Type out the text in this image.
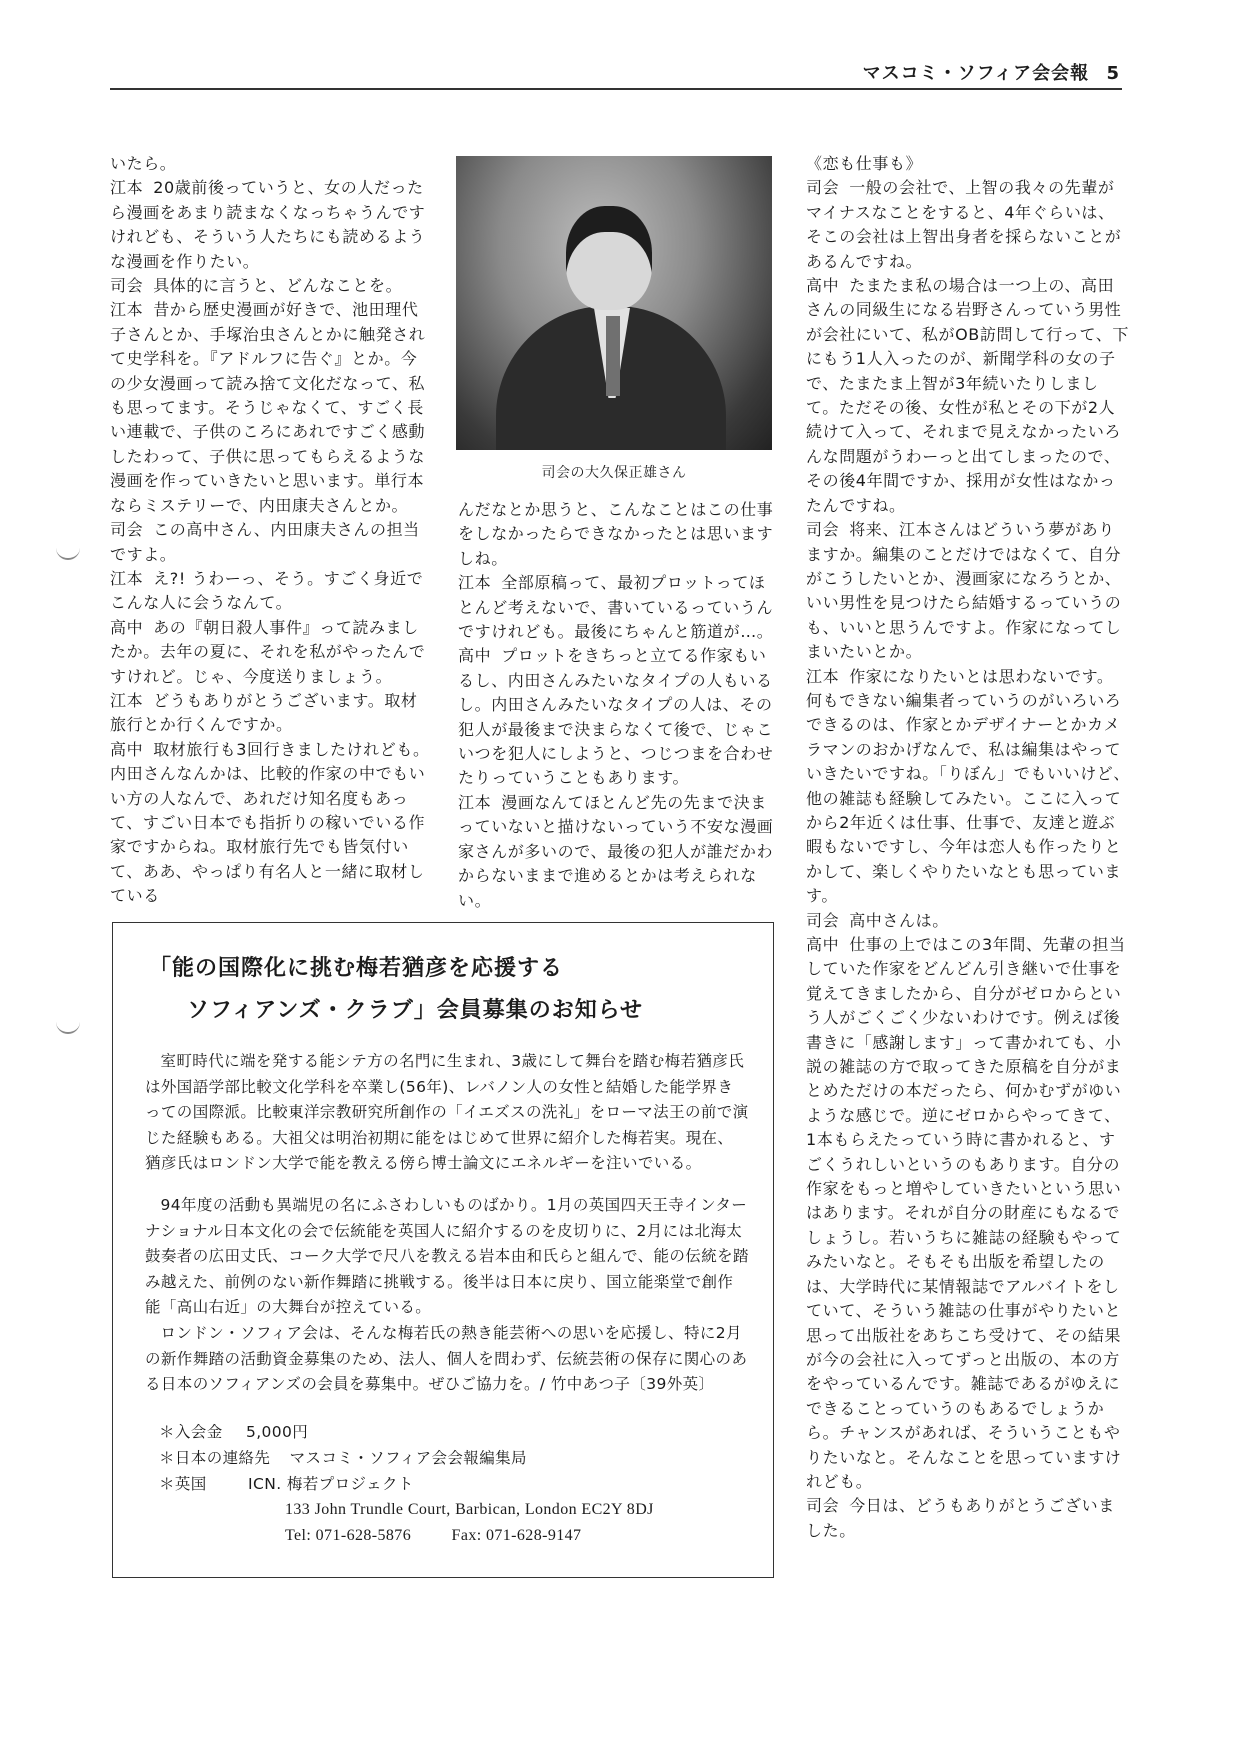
マスコミ・ソフィア会会報 5

いたら。

江本 20歳前後っていうと、女の人だったら漫画をあまり読まなくなっちゃうんですけれども、そういう人たちにも読めるような漫画を作りたい。

司会 具体的に言うと、どんなことを。

江本 昔から歴史漫画が好きで、池田理代子さんとか、手塚治虫さんとかに触発されて史学科を。『アドルフに告ぐ』とか。今の少女漫画って読み捨て文化だなって、私も思ってます。そうじゃなくて、すごく長い連載で、子供のころにあれですごく感動したわって、子供に思ってもらえるような漫画を作っていきたいと思います。単行本ならミステリーで、内田康夫さんとか。

司会 この高中さん、内田康夫さんの担当ですよ。

江本 え?! うわーっ、そう。すごく身近でこんな人に会うなんて。

高中 あの『朝日殺人事件』って読みましたか。去年の夏に、それを私がやったんですけれど。じゃ、今度送りましょう。

江本 どうもありがとうございます。取材旅行とか行くんですか。

高中 取材旅行も3回行きましたけれども。内田さんなんかは、比較的作家の中でもいい方の人なんで、あれだけ知名度もあって、すごい日本でも指折りの稼いでいる作家ですからね。取材旅行先でも皆気付いて、ああ、やっぱり有名人と一緒に取材している

司会の大久保正雄さん

んだなとか思うと、こんなことはこの仕事をしなかったらできなかったとは思いますしね。

江本 全部原稿って、最初プロットってほとんど考えないで、書いているっていうんですけれども。最後にちゃんと筋道が…。

高中 プロットをきちっと立てる作家もいるし、内田さんみたいなタイプの人もいるし。内田さんみたいなタイプの人は、その犯人が最後まで決まらなくて後で、じゃこいつを犯人にしようと、つじつまを合わせたりっていうこともあります。

江本 漫画なんてほとんど先の先まで決まっていないと描けないっていう不安な漫画家さんが多いので、最後の犯人が誰だかわからないままで進めるとかは考えられない。

《恋も仕事も》

司会 一般の会社で、上智の我々の先輩がマイナスなことをすると、4年ぐらいは、そこの会社は上智出身者を採らないことがあるんですね。

高中 たまたま私の場合は一つ上の、高田さんの同級生になる岩野さんっていう男性が会社にいて、私がOB訪問して行って、下にもう1人入ったのが、新聞学科の女の子で、たまたま上智が3年続いたりしまして。ただその後、女性が私とその下が2人続けて入って、それまで見えなかったいろんな問題がうわーっと出てしまったので、その後4年間ですか、採用が女性はなかったんですね。

司会 将来、江本さんはどういう夢がありますか。編集のことだけではなくて、自分がこうしたいとか、漫画家になろうとか、いい男性を見つけたら結婚するっていうのも、いいと思うんですよ。作家になってしまいたいとか。

江本 作家になりたいとは思わないです。何もできない編集者っていうのがいろいろできるのは、作家とかデザイナーとかカメラマンのおかげなんで、私は編集はやっていきたいですね。「りぼん」でもいいけど、他の雑誌も経験してみたい。ここに入ってから2年近くは仕事、仕事で、友達と遊ぶ暇もないですし、今年は恋人も作ったりとかして、楽しくやりたいなとも思っています。

司会 高中さんは。

高中 仕事の上ではこの3年間、先輩の担当していた作家をどんどん引き継いで仕事を覚えてきましたから、自分がゼロからという人がごくごく少ないわけです。例えば後書きに「感謝します」って書かれても、小説の雑誌の方で取ってきた原稿を自分がまとめただけの本だったら、何かむずがゆいような感じで。逆にゼロからやってきて、1本もらえたっていう時に書かれると、すごくうれしいというのもあります。自分の作家をもっと増やしていきたいという思いはあります。それが自分の財産にもなるでしょうし。若いうちに雑誌の経験もやってみたいなと。そもそも出版を希望したのは、大学時代に某情報誌でアルバイトをしていて、そういう雑誌の仕事がやりたいと思って出版社をあちこち受けて、その結果が今の会社に入ってずっと出版の、本の方をやっているんです。雑誌であるがゆえにできることっていうのもあるでしょうから。チャンスがあれば、そういうこともやりたいなと。そんなことを思っていますけれども。

司会 今日は、どうもありがとうございました。

「能の国際化に挑む梅若猶彦を応援する
ソフィアンズ・クラブ」会員募集のお知らせ

室町時代に端を発する能シテ方の名門に生まれ、3歳にして舞台を踏む梅若猶彦氏は外国語学部比較文化学科を卒業し(56年)、レバノン人の女性と結婚した能学界きっての国際派。比較東洋宗教研究所創作の「イエズスの洗礼」をローマ法王の前で演じた経験もある。大祖父は明治初期に能をはじめて世界に紹介した梅若実。現在、猶彦氏はロンドン大学で能を教える傍ら博士論文にエネルギーを注いでいる。

94年度の活動も異端児の名にふさわしいものばかり。1月の英国四天王寺インターナショナル日本文化の会で伝統能を英国人に紹介するのを皮切りに、2月には北海太鼓奏者の広田丈氏、コーク大学で尺八を教える岩本由和氏らと組んで、能の伝統を踏み越えた、前例のない新作舞踏に挑戦する。後半は日本に戻り、国立能楽堂で創作能「高山右近」の大舞台が控えている。

ロンドン・ソフィア会は、そんな梅若氏の熱き能芸術への思いを応援し、特に2月の新作舞踏の活動資金募集のため、法人、個人を問わず、伝統芸術の保存に関心のある日本のソフィアンズの会員を募集中。ぜひご協力を。/ 竹中あつ子〔39外英〕

＊入会金 5,000円
＊日本の連絡先 マスコミ・ソフィア会会報編集局
＊英国	ICN. 梅若プロジェクト
133 John Trundle Court, Barbican, London EC2Y 8DJ
Tel: 071-628-5876	Fax: 071-628-9147
